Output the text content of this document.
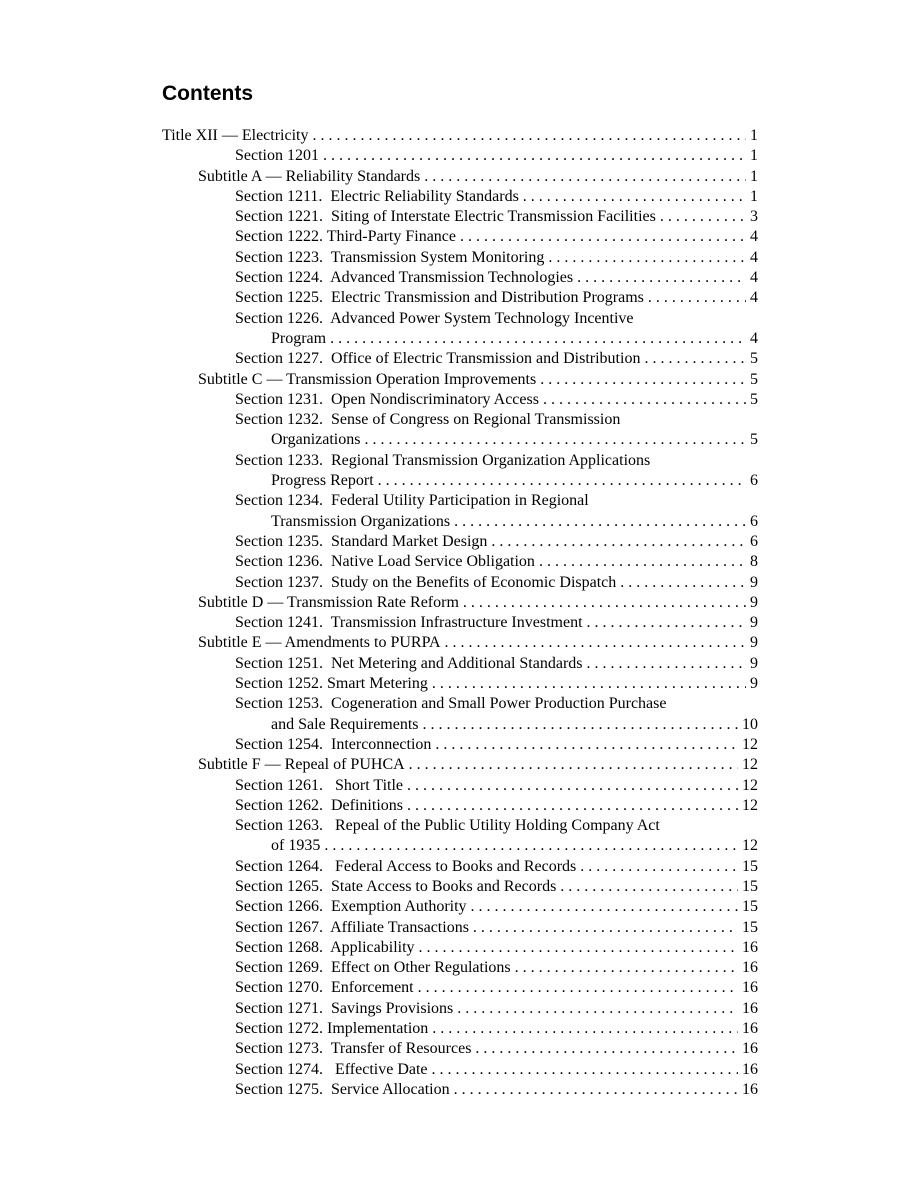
Contents
Title XII — Electricity . . .	1
Section 1201 . . .	1
Subtitle A — Reliability Standards . . .	1
Section 1211.  Electric Reliability Standards . . .	1
Section 1221.  Siting of Interstate Electric Transmission Facilities . . .	3
Section 1222. Third-Party Finance . . .	4
Section 1223.  Transmission System Monitoring . . .	4
Section 1224.  Advanced Transmission Technologies . . .	4
Section 1225.  Electric Transmission and Distribution Programs . . .	4
Section 1226.  Advanced Power System Technology Incentive
Program . . .	4
Section 1227.  Office of Electric Transmission and Distribution . . .	5
Subtitle C — Transmission Operation Improvements . . .	5
Section 1231.  Open Nondiscriminatory Access . . .	5
Section 1232.  Sense of Congress on Regional Transmission
Organizations . . .	5
Section 1233.  Regional Transmission Organization Applications
Progress Report . . .	6
Section 1234.  Federal Utility Participation in Regional
Transmission Organizations . . .	6
Section 1235.  Standard Market Design . . .	6
Section 1236.  Native Load Service Obligation . . .	8
Section 1237.  Study on the Benefits of Economic Dispatch . . .	9
Subtitle D — Transmission Rate Reform . . .	9
Section 1241.  Transmission Infrastructure Investment . . .	9
Subtitle E — Amendments to PURPA . . .	9
Section 1251.  Net Metering and Additional Standards . . .	9
Section 1252. Smart Metering . . .	9
Section 1253.  Cogeneration and Small Power Production Purchase
and Sale Requirements . . .	10
Section 1254.  Interconnection . . .	12
Subtitle F — Repeal of PUHCA . . .	12
Section 1261.   Short Title . . .	12
Section 1262.  Definitions . . .	12
Section 1263.   Repeal of the Public Utility Holding Company Act
of 1935 . . .	12
Section 1264.   Federal Access to Books and Records . . .	15
Section 1265.  State Access to Books and Records . . .	15
Section 1266.  Exemption Authority . . .	15
Section 1267.  Affiliate Transactions . . .	15
Section 1268.  Applicability . . .	16
Section 1269.  Effect on Other Regulations . . .	16
Section 1270.  Enforcement . . .	16
Section 1271.  Savings Provisions . . .	16
Section 1272. Implementation . . .	16
Section 1273.  Transfer of Resources . . .	16
Section 1274.   Effective Date . . .	16
Section 1275.  Service Allocation . . .	16
